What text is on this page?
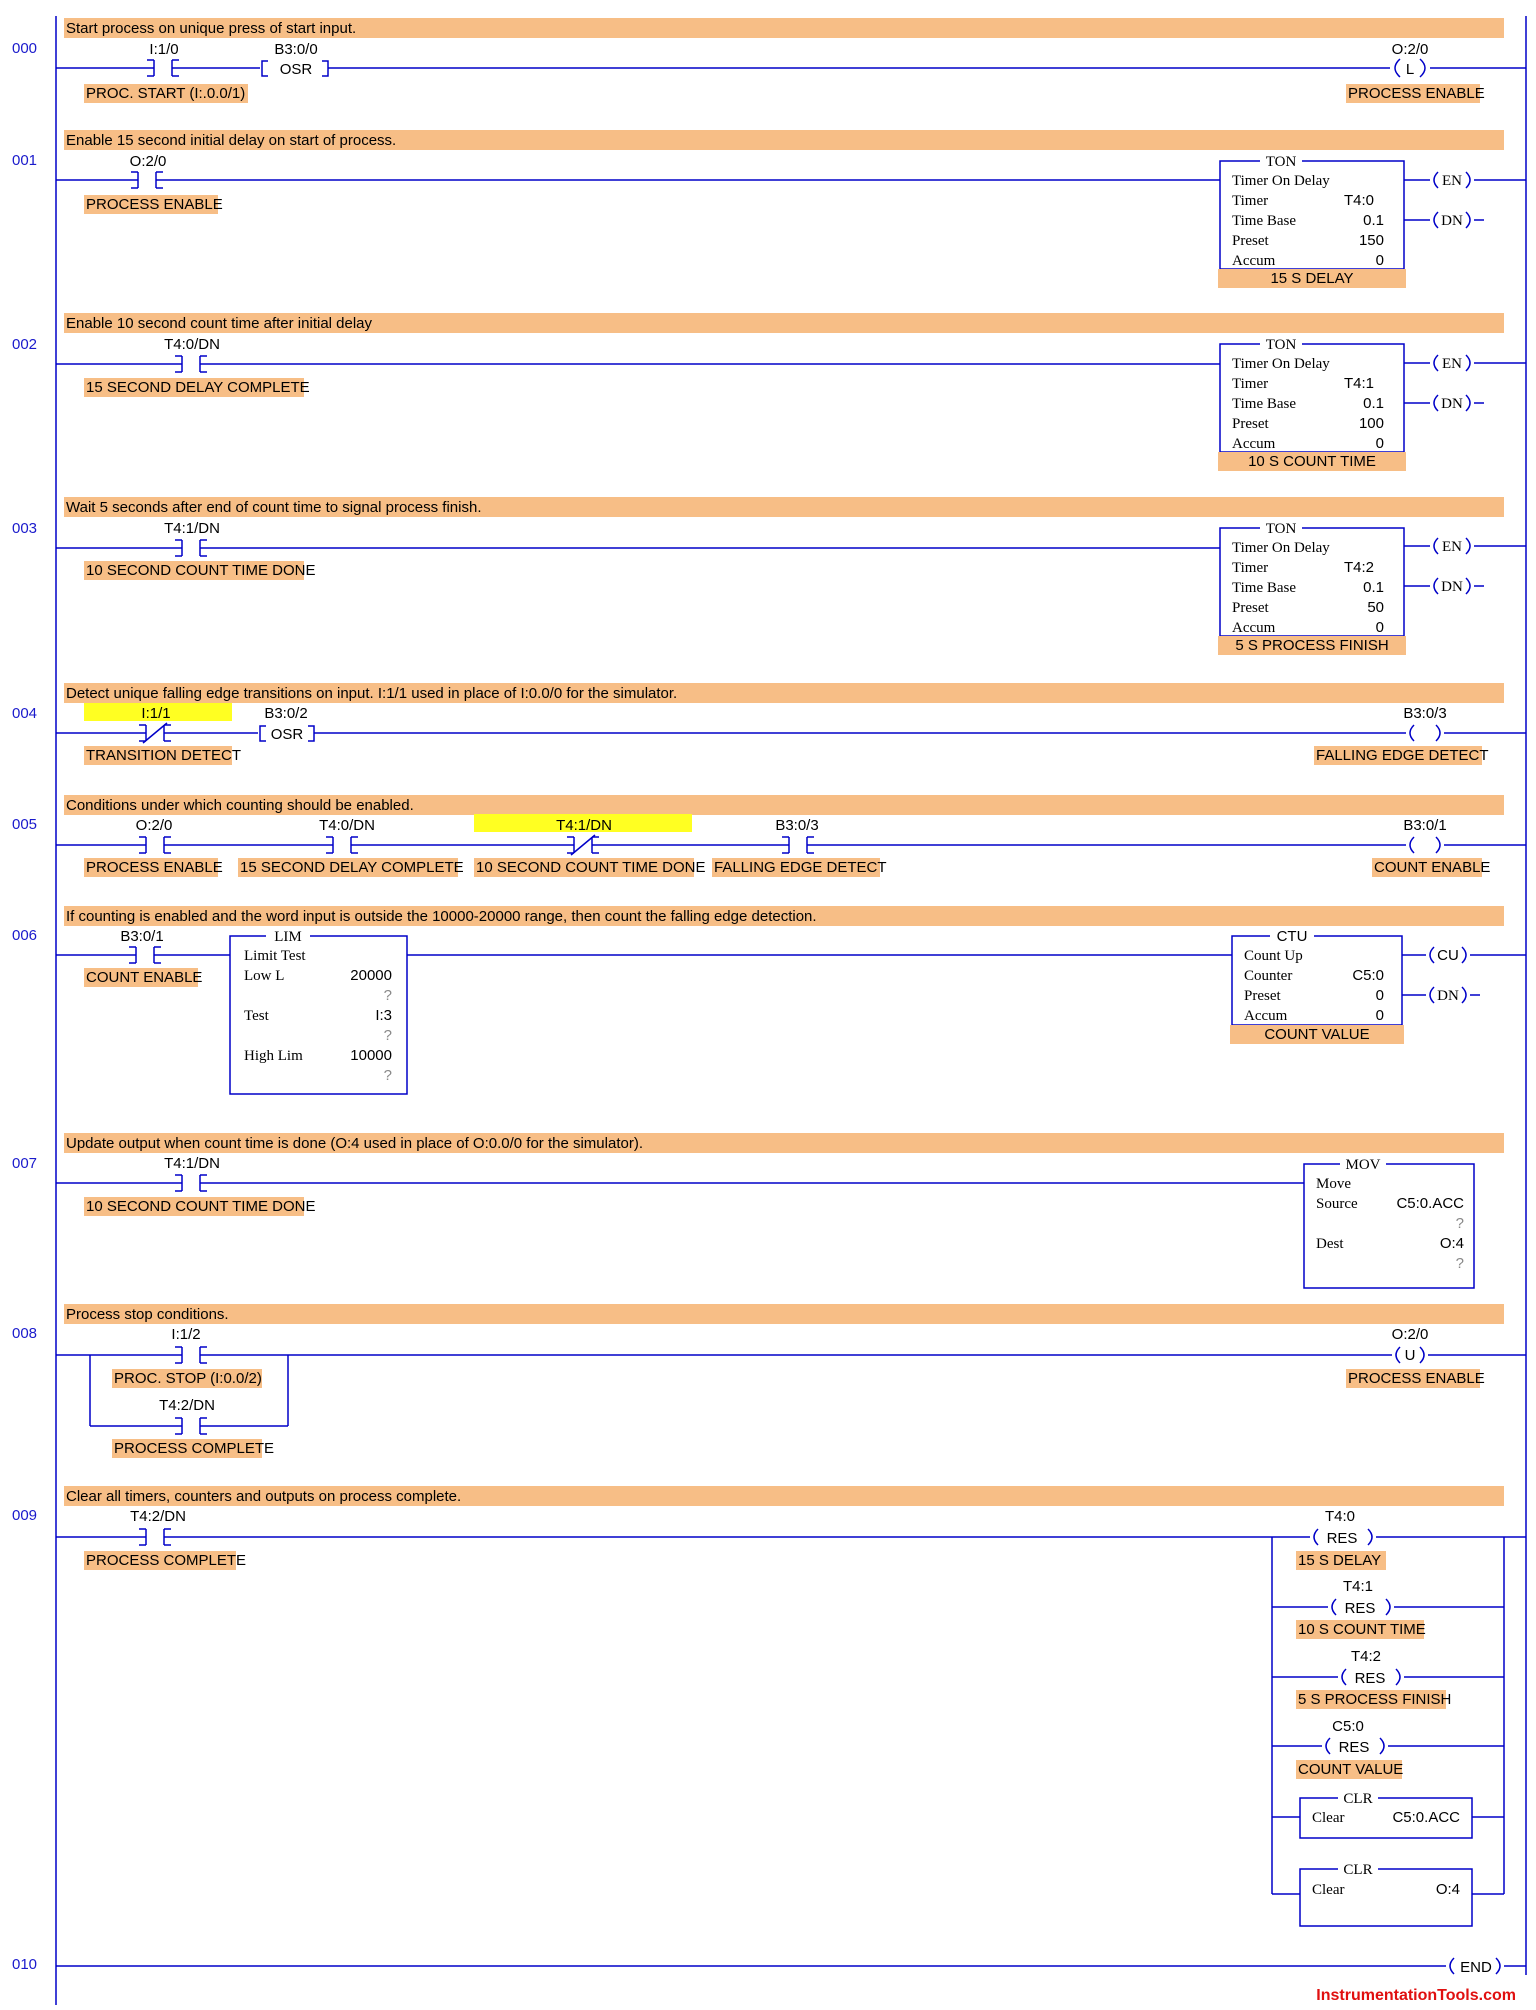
Start process on unique press of start input.
Enable 15 second initial delay on start of process.
Enable 10 second count time after initial delay
Wait 5 seconds after end of count time to signal process finish.
Detect unique falling edge transitions on input. I:1/1 used in place of I:0.0/0 for the simulator.
Conditions under which counting should be enabled.
If counting is enabled and the word input is outside the 10000-20000 range, then count the falling edge detection.
Update output when count time is done (O:4 used in place of O:0.0/0 for the simulator).
Process stop conditions.
Clear all timers, counters and outputs on process complete.
000
001
002
003
004
005
006
007
008
009
010
I:1/0	B3:0/0
OSR
O:2/0
L
PROC. START (I:.0.0/1)	PROCESS ENABLE
O:2/0
PROCESS ENABLE
TON
Timer On Delay
Timer	T4:0
Time Base	0.1
Preset	150
Accum	0
15 S DELAY
EN
DN
T4:0/DN
15 SECOND DELAY COMPLETE
TON
Timer On Delay
Timer	T4:1
Time Base	0.1
Preset	100
Accum	0
10 S COUNT TIME
EN
DN
T4:1/DN
10 SECOND COUNT TIME DONE
TON
Timer On Delay
Timer	T4:2
Time Base	0.1
Preset	50
Accum	0
5 S PROCESS FINISH
EN
DN
I:1/1	B3:0/2
OSR
B3:0/3
TRANSITION DETECT	FALLING EDGE DETECT
O:2/0	T4:0/DN	T4:1/DN	B3:0/3	B3:0/1
PROCESS ENABLE 15 SECOND DELAY COMPLETE 10 SECOND COUNT TIME DONE FALLING EDGE DETECT	COUNT ENABLE
B3:0/1
COUNT ENABLE
LIM
Limit Test
Low L	20000
?
Test	I:3
?
High Lim	10000
?
CTU
Count Up
Counter	C5:0
Preset	0
Accum	0
COUNT VALUE
CU
DN
T4:1/DN
10 SECOND COUNT TIME DONE
MOV
Move
Source	C5:0.ACC
?
Dest	O:4
?
I:1/2
T4:2/DN
O:2/0
U
PROC. STOP (I:0.0/2)
PROCESS COMPLETE
PROCESS ENABLE
T4:2/DN
PROCESS COMPLETE
T4:0
RES
15 S DELAY
T4:1
RES
10 S COUNT TIME
T4:2
RES
5 S PROCESS FINISH
C5:0
RES
COUNT VALUE
CLR
Clear	C5:0.ACC
CLR
Clear	O:4
END
InstrumentationTools.com
